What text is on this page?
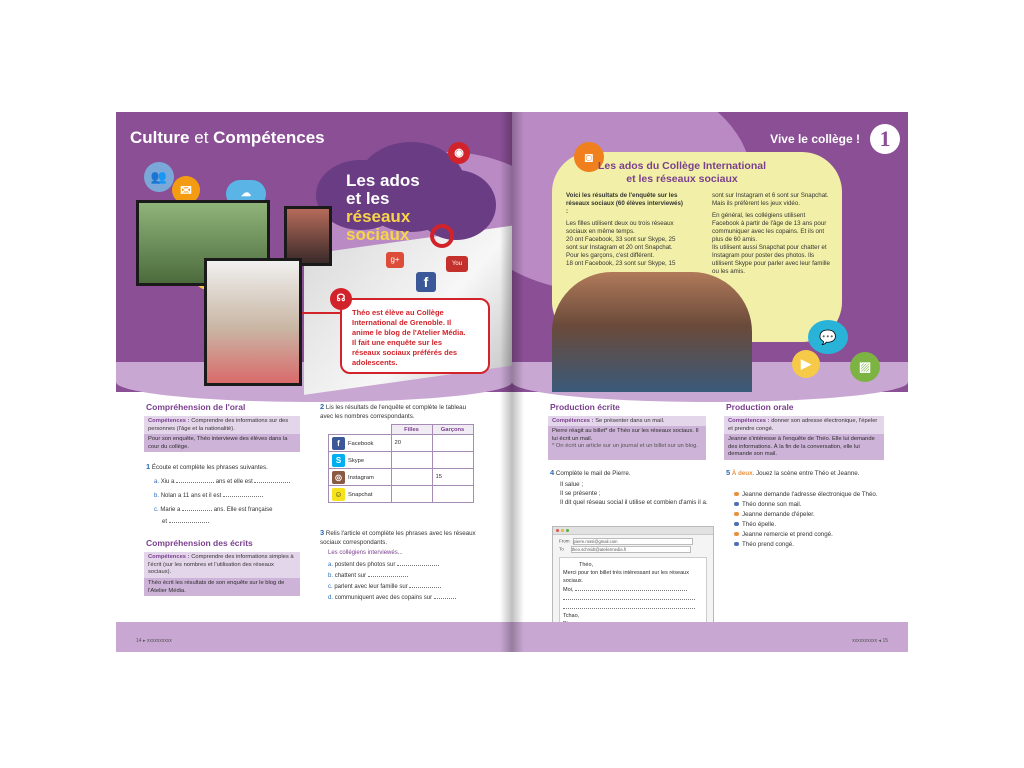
Culture et Compétences
f
g+	You
Les ados
et les réseaux
sociaux
◉
👥
✉	☁
☊
Théo est élève au Collège International de Grenoble. Il anime le blog de l'Atelier Média. Il fait une enquête sur les réseaux sociaux préférés des adolescents.
Compréhension de l'oral
Compétences : Comprendre des informations sur des personnes (l'âge et la nationalité).
Pour son enquête, Théo interviewe des élèves dans la cour du collège.
1 Écoute et complète les phrases suivantes.
a. Xiu a	ans et elle est
b. Nolan a 11 ans et il est
c. Marie a	ans. Elle est française
et
Compréhension des écrits
Compétences : Comprendre des informations simples à l'écrit (sur les nombres et l'utilisation des réseaux sociaux).
Théo écrit les résultats de son enquête sur le blog de l'Atelier Média.
2 Lis les résultats de l'enquête et complète le tableau avec les nombres correspondants.
	Filles	Garçons
f Facebook	20	
S Skype		
◎ Instagram		15
☺ Snapchat		
3 Relis l'article et complète les phrases avec les réseaux sociaux correspondants.
Les collégiens interviewés...
a. postent des photos sur
b. chattent sur
c. parlent avec leur famille sur
d. communiquent avec des copains sur
14 ▸ xxxxxxxxxx
Vive le collège ! 1
◙
Les ados du Collège International
et les réseaux sociaux
Voici les résultats de l'enquête sur les réseaux sociaux (60 élèves interviewés) :
Les filles utilisent deux ou trois réseaux sociaux en même temps.
20 ont Facebook, 33 sont sur Skype, 25 sont sur Instagram et 20 ont Snapchat.
Pour les garçons, c'est différent.
18 ont Facebook, 23 sont sur Skype, 15
sont sur Instagram et 6 sont sur Snapchat. Mais ils préfèrent les jeux vidéo.
En général, les collégiens utilisent Facebook à partir de l'âge de 13 ans pour communiquer avec les copains. Et ils ont plus de 60 amis.
Ils utilisent aussi Snapchat pour chatter et Instagram pour poster des photos. Ils utilisent Skype pour parler avec leur famille ou les amis.
💬
▶	▨
Production écrite
Compétences : Se présenter dans un mail.
Pierre réagit au billet* de Théo sur les réseaux sociaux. Il lui écrit un mail.
* On écrit un article sur un journal et un billet sur un blog.
4 Complète le mail de Pierre.
Il salue ;
Il se présente ;
Il dit quel réseau social il utilise et combien d'amis il a.
From pierre.rossi@gmail.com
To theo.schmidt@ateliermedia.fr
Théo,
Merci pour ton billet très intéressant sur les réseaux sociaux.
Moi,
Tchao,
Production orale
Compétences : donner son adresse électronique, l'épeler et prendre congé.
Jeanne s'intéresse à l'enquête de Théo. Elle lui demande des informations. À la fin de la conversation, elle lui demande son mail.
5 À deux. Jouez la scène entre Théo et Jeanne.
Jeanne demande l'adresse électronique de Théo.
Théo donne son mail.
Jeanne demande d'épeler.
Théo épelle.
Jeanne remercie et prend congé.
Théo prend congé.
xxxxxxxxxx ◂ 15
